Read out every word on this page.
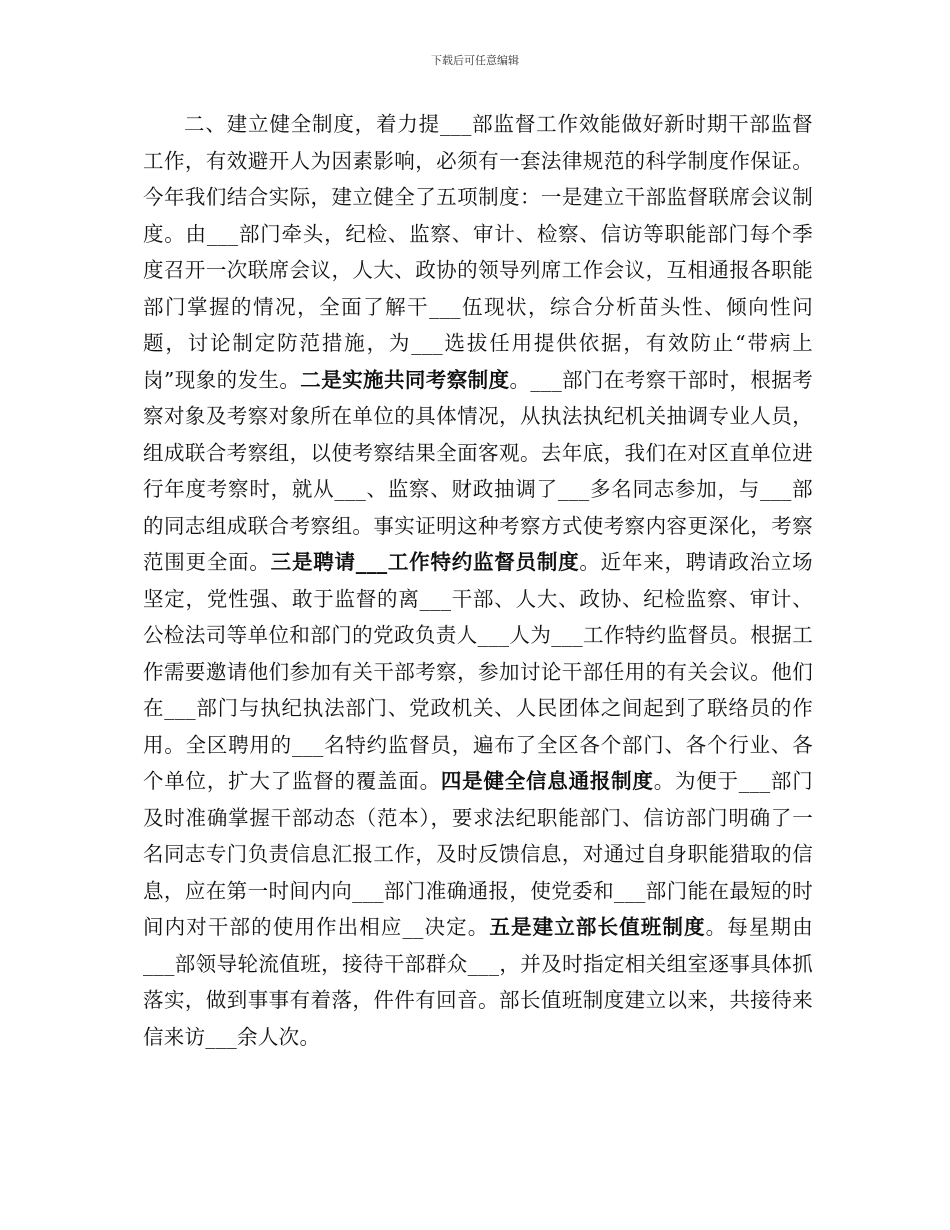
下载后可任意编辑

二、建立健全制度，着力提___部监督工作效能做好新时期干部监督工作，有效避开人为因素影响，必须有一套法律规范的科学制度作保证。今年我们结合实际，建立健全了五项制度：一是建立干部监督联席会议制度。由___部门牵头，纪检、监察、审计、检察、信访等职能部门每个季度召开一次联席会议，人大、政协的领导列席工作会议，互相通报各职能部门掌握的情况，全面了解干___伍现状，综合分析苗头性、倾向性问题，讨论制定防范措施，为___选拔任用提供依据，有效防止“带病上岗”现象的发生。二是实施共同考察制度。___部门在考察干部时，根据考察对象及考察对象所在单位的具体情况，从执法执纪机关抽调专业人员，组成联合考察组，以使考察结果全面客观。去年底，我们在对区直单位进行年度考察时，就从___、监察、财政抽调了___多名同志参加，与___部的同志组成联合考察组。事实证明这种考察方式使考察内容更深化，考察范围更全面。三是聘请___工作特约监督员制度。近年来，聘请政治立场坚定，党性强、敢于监督的离___干部、人大、政协、纪检监察、审计、公检法司等单位和部门的党政负责人___人为___工作特约监督员。根据工作需要邀请他们参加有关干部考察，参加讨论干部任用的有关会议。他们在___部门与执纪执法部门、党政机关、人民团体之间起到了联络员的作用。全区聘用的___名特约监督员，遍布了全区各个部门、各个行业、各个单位，扩大了监督的覆盖面。四是健全信息通报制度。为便于___部门及时准确掌握干部动态（范本），要求法纪职能部门、信访部门明确了一名同志专门负责信息汇报工作，及时反馈信息，对通过自身职能猎取的信息，应在第一时间内向___部门准确通报，使党委和___部门能在最短的时间内对干部的使用作出相应__决定。五是建立部长值班制度。每星期由___部领导轮流值班，接待干部群众___，并及时指定相关组室逐事具体抓落实，做到事事有着落，件件有回音。部长值班制度建立以来，共接待来信来访___余人次。
